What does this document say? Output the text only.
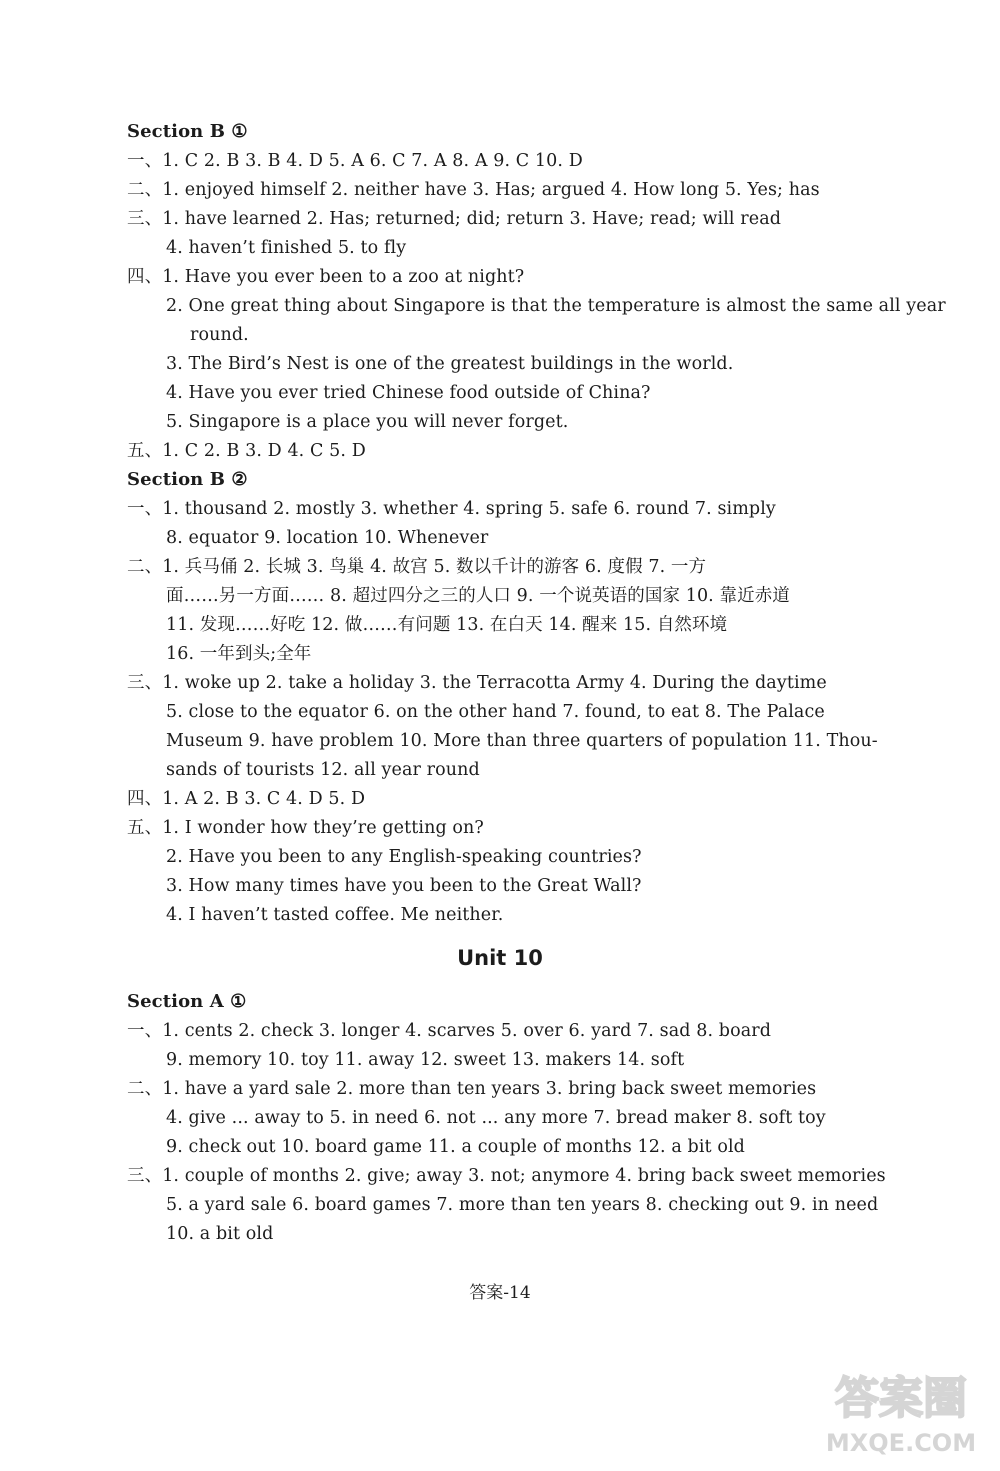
Section B ①
一、1. C 2. B 3. B 4. D 5. A 6. C 7. A 8. A 9. C 10. D
二、1. enjoyed himself 2. neither have 3. Has; argued 4. How long 5. Yes; has
三、1. have learned 2. Has; returned; did; return 3. Have; read; will read
4. haven’t finished 5. to fly
四、1. Have you ever been to a zoo at night?
2. One great thing about Singapore is that the temperature is almost the same all year
round.
3. The Bird’s Nest is one of the greatest buildings in the world.
4. Have you ever tried Chinese food outside of China?
5. Singapore is a place you will never forget.
五、1. C 2. B 3. D 4. C 5. D
Section B ②
一、1. thousand 2. mostly 3. whether 4. spring 5. safe 6. round 7. simply
8. equator 9. location 10. Whenever
二、1. 兵马俑 2. 长城 3. 鸟巢 4. 故宫 5. 数以千计的游客 6. 度假 7. 一方
面……另一方面…… 8. 超过四分之三的人口 9. 一个说英语的国家 10. 靠近赤道
11. 发现……好吃 12. 做……有问题 13. 在白天 14. 醒来 15. 自然环境
16. 一年到头;全年
三、1. woke up 2. take a holiday 3. the Terracotta Army 4. During the daytime
5. close to the equator 6. on the other hand 7. found, to eat 8. The Palace
Museum 9. have problem 10. More than three quarters of population 11. Thou-
sands of tourists 12. all year round
四、1. A 2. B 3. C 4. D 5. D
五、1. I wonder how they’re getting on?
2. Have you been to any English-speaking countries?
3. How many times have you been to the Great Wall?
4. I haven’t tasted coffee. Me neither.
Unit 10
Section A ①
一、1. cents 2. check 3. longer 4. scarves 5. over 6. yard 7. sad 8. board
9. memory 10. toy 11. away 12. sweet 13. makers 14. soft
二、1. have a yard sale 2. more than ten years 3. bring back sweet memories
4. give ... away to 5. in need 6. not ... any more 7. bread maker 8. soft toy
9. check out 10. board game 11. a couple of months 12. a bit old
三、1. couple of months 2. give; away 3. not; anymore 4. bring back sweet memories
5. a yard sale 6. board games 7. more than ten years 8. checking out 9. in need
10. a bit old
答案-14
答案圈
MXQE.COM
